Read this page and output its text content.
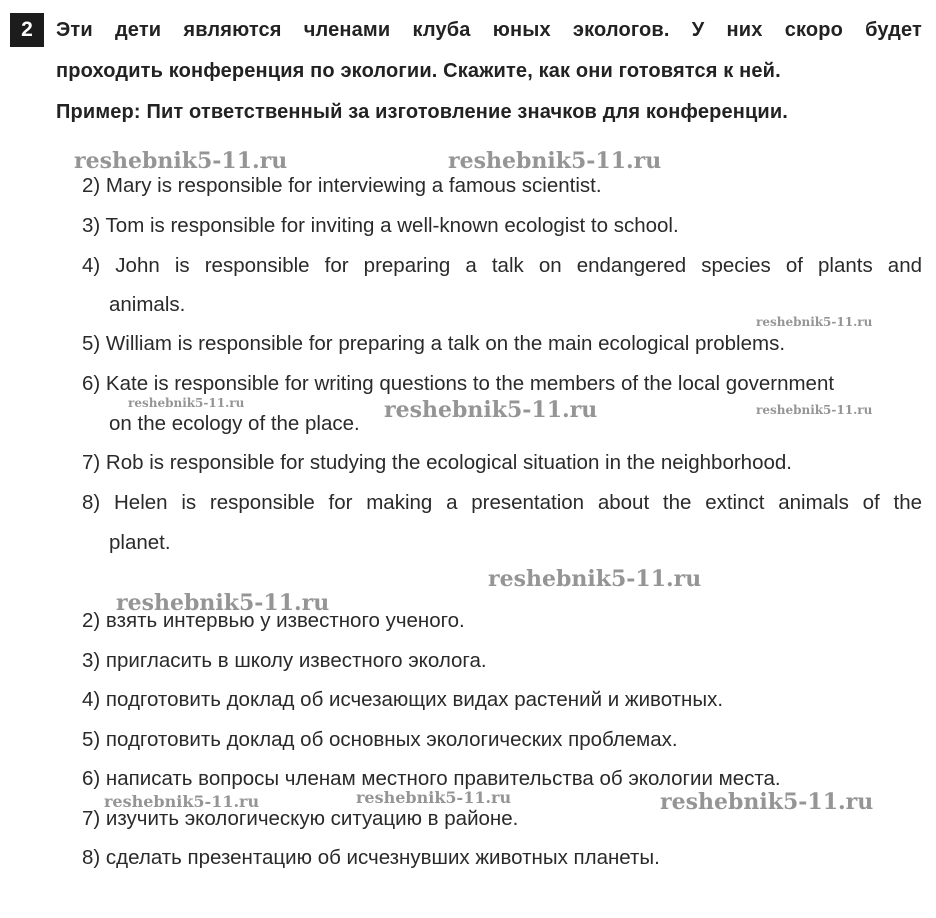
2	Эти дети являются членами клуба юных экологов. У них скоро будет

проходить конференция по экологии. Скажите, как они готовятся к ней.

Пример: Пит ответственный за изготовление значков для конференции.

2) Mary is responsible for interviewing a famous scientist.
3) Tom is responsible for inviting a well-known ecologist to school.
4) John is responsible for preparing a talk on endangered species of plants and
animals.
5) William is responsible for preparing a talk on the main ecological problems.
6) Kate is responsible for writing questions to the members of the local government
on the ecology of the place.
7) Rob is responsible for studying the ecological situation in the neighborhood.
8) Helen is responsible for making a presentation about the extinct animals of the
planet.
2) взять интервью у известного ученого.
3) пригласить в школу известного эколога.
4) подготовить доклад об исчезающих видах растений и животных.
5) подготовить доклад об основных экологических проблемах.
6) написать вопросы членам местного правительства об экологии места.
7) изучить экологическую ситуацию в районе.
8) сделать презентацию об исчезнувших животных планеты.
reshebnik5-11.ru	reshebnik5-11.ru
reshebnik5-11.ru
reshebnik5-11.ru	reshebnik5-11.ru	reshebnik5-11.ru
reshebnik5-11.ru
reshebnik5-11.ru
reshebnik5-11.ru	reshebnik5-11.ru	reshebnik5-11.ru
